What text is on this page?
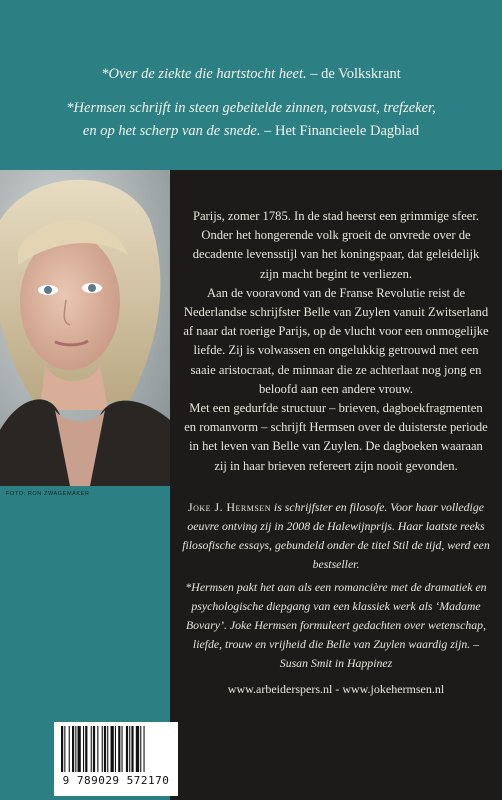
*Over de ziekte die hartstocht heet. – de Volkskrant
*Hermsen schrijft in steen gebeitelde zinnen, rotsvast, trefzeker,
en op het scherp van de snede. – Het Financieele Dagblad
FOTO: RON ZWAGEMAKER

Parijs, zomer 1785. In de stad heerst een grimmige sfeer. Onder het hongerende volk groeit de onvrede over de decadente levensstijl van het koningspaar, dat geleidelijk zijn macht begint te verliezen.

Aan de vooravond van de Franse Revolutie reist de Nederlandse schrijfster Belle van Zuylen vanuit Zwitserland af naar dat roerige Parijs, op de vlucht voor een onmogelijke liefde. Zij is volwassen en ongelukkig getrouwd met een saaie aristocraat, de minnaar die ze achterlaat nog jong en beloofd aan een andere vrouw.

Met een gedurfde structuur – brieven, dagboekfragmenten en romanvorm – schrijft Hermsen over de duisterste periode in het leven van Belle van Zuylen. De dagboeken waaraan zij in haar brieven refereert zijn nooit gevonden.

Joke J. Hermsen is schrijfster en filosofe. Voor haar volledige oeuvre ontving zij in 2008 de Halewijnprijs. Haar laatste reeks filosofische essays, gebundeld onder de titel Stil de tijd, werd een bestseller.
*Hermsen pakt het aan als een romancière met de dramatiek en psychologische diepgang van een klassiek werk als ‘Madame Bovary’. Joke Hermsen formuleert gedachten over wetenschap, liefde, trouw en vrijheid die Belle van Zuylen waardig zijn. – Susan Smit in Happinez
www.arbeiderspers.nl - www.jokehermsen.nl
9 789029 572170
